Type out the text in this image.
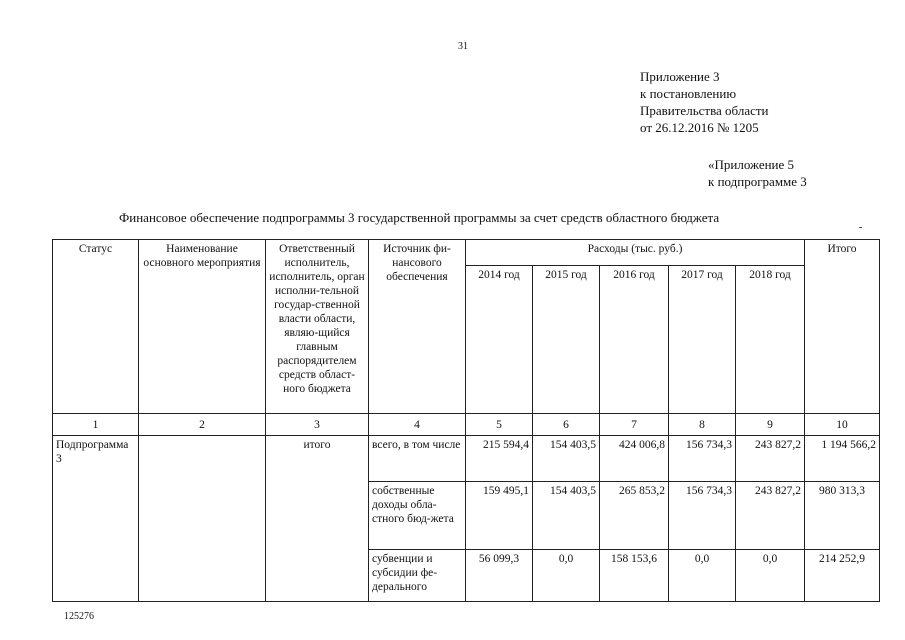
31
Приложение 3
к постановлению
Правительства области
от 26.12.2016 № 1205
«Приложение 5
к подпрограмме 3
Финансовое обеспечение подпрограммы 3 государственной программы за счет средств областного бюджета
-
Статус	Наименование основного мероприятия	Ответственный исполнитель, исполнитель, орган исполни-тельной государ-ственной власти области, являю-щийся главным распорядителем средств област-ного бюджета	Источник фи-нансового обеспечения	Расходы (тыс. руб.)					Итого
				2014 год	2015 год	2016 год	2017 год	2018 год	
1	2	3	4	5	6	7	8	9	10
Подпрограмма 3		итого	всего, в том числе	215 594,4	154 403,5	424 006,8	156 734,3	243 827,2	1 194 566,2
			собственные доходы обла-стного бюд-жета	159 495,1	154 403,5	265 853,2	156 734,3	243 827,2	980 313,3
			субвенции и субсидии фе-дерального	56 099,3	0,0	158 153,6	0,0	0,0	214 252,9
125276
